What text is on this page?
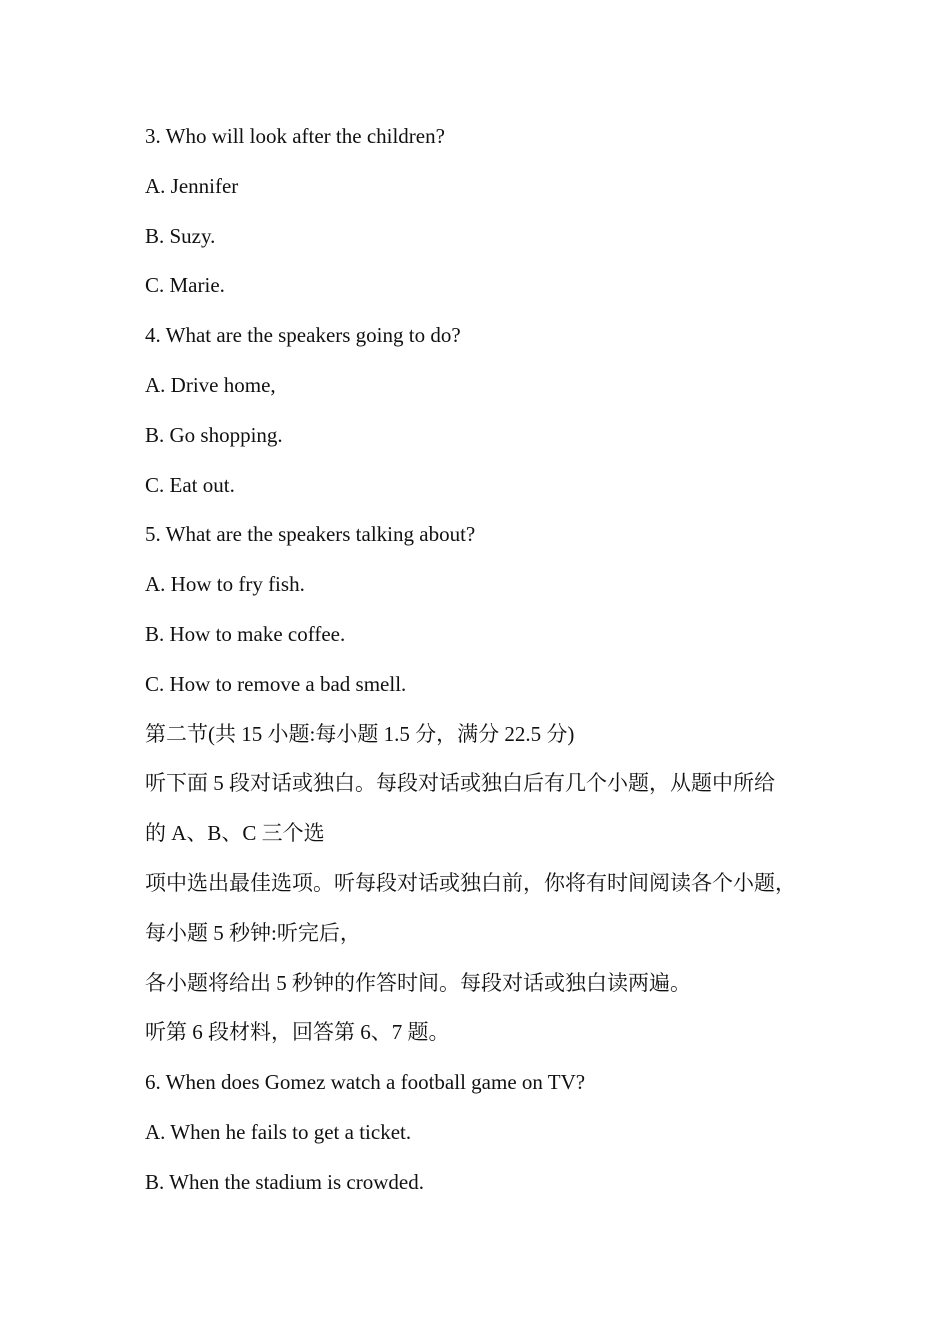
3. Who will look after the children?
A. Jennifer
B. Suzy.
C. Marie.
4. What are the speakers going to do?
A. Drive home,
B. Go shopping.
C. Eat out.
5. What are the speakers talking about?
A. How to fry fish.
B. How to make coffee.
C. How to remove a bad smell.
第二节(共 15 小题:每小题 1.5 分，满分 22.5 分)
听下面 5 段对话或独白。每段对话或独白后有几个小题，从题中所给
的 A、B、C 三个选
项中选出最佳选项。听每段对话或独白前，你将有时间阅读各个小题，
每小题 5 秒钟:听完后，
各小题将给出 5 秒钟的作答时间。每段对话或独白读两遍。
听第 6 段材料，回答第 6、7 题。
6. When does Gomez watch a football game on TV?
A. When he fails to get a ticket.
B. When the stadium is crowded.
